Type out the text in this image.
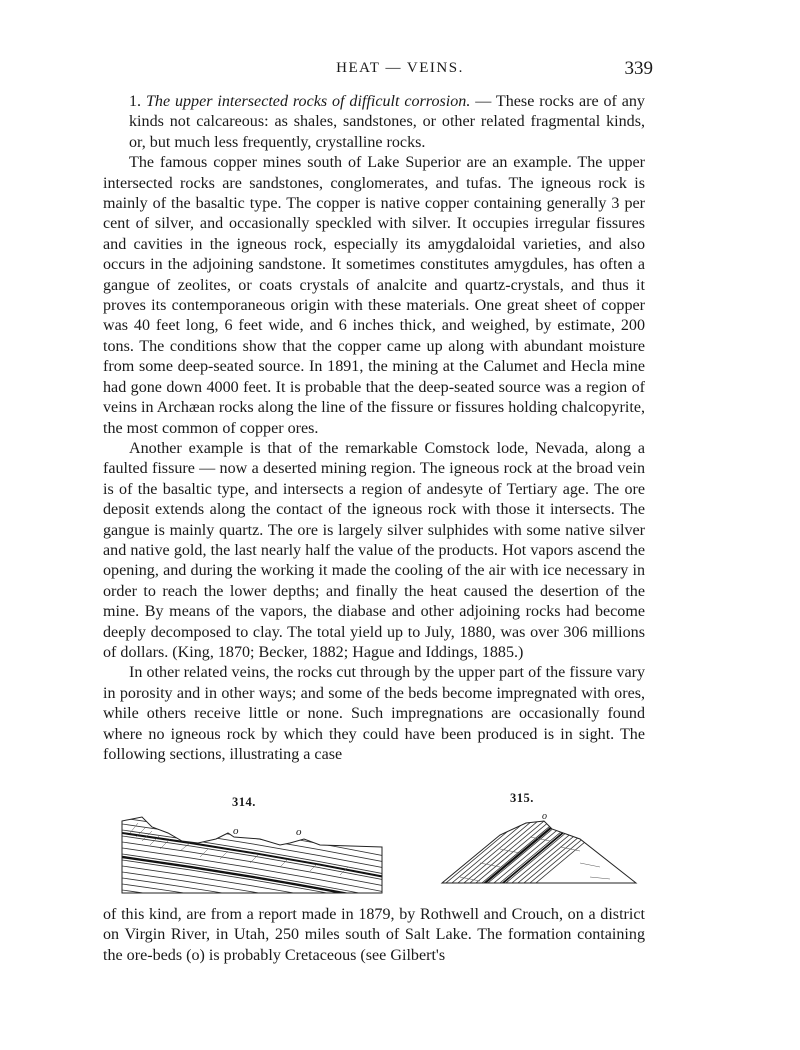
HEAT — VEINS.	339

1. The upper intersected rocks of difficult corrosion. — These rocks are of any kinds not calcareous: as shales, sandstones, or other related fragmental kinds, or, but much less frequently, crystalline rocks.

The famous copper mines south of Lake Superior are an example. The upper intersected rocks are sandstones, conglomerates, and tufas. The igneous rock is mainly of the basaltic type. The copper is native copper containing generally 3 per cent of silver, and occasionally speckled with silver. It occupies irregular fissures and cavities in the igneous rock, especially its amygdaloidal varieties, and also occurs in the adjoining sandstone. It sometimes constitutes amygdules, has often a gangue of zeolites, or coats crystals of analcite and quartz-crystals, and thus it proves its contemporaneous origin with these materials. One great sheet of copper was 40 feet long, 6 feet wide, and 6 inches thick, and weighed, by estimate, 200 tons. The conditions show that the copper came up along with abundant moisture from some deep-seated source. In 1891, the mining at the Calumet and Hecla mine had gone down 4000 feet. It is probable that the deep-seated source was a region of veins in Archæan rocks along the line of the fissure or fissures holding chalcopyrite, the most common of copper ores.

Another example is that of the remarkable Comstock lode, Nevada, along a faulted fissure — now a deserted mining region. The igneous rock at the broad vein is of the basaltic type, and intersects a region of andesyte of Tertiary age. The ore deposit extends along the contact of the igneous rock with those it intersects. The gangue is mainly quartz. The ore is largely silver sulphides with some native silver and native gold, the last nearly half the value of the products. Hot vapors ascend the opening, and during the working it made the cooling of the air with ice necessary in order to reach the lower depths; and finally the heat caused the desertion of the mine. By means of the vapors, the diabase and other adjoining rocks had become deeply decomposed to clay. The total yield up to July, 1880, was over 306 millions of dollars. (King, 1870; Becker, 1882; Hague and Iddings, 1885.)

In other related veins, the rocks cut through by the upper part of the fissure vary in porosity and in other ways; and some of the beds become impregnated with ores, while others receive little or none. Such impregnations are occasionally found where no igneous rock by which they could have been produced is in sight. The following sections, illustrating a case

314.	315.
o	o
o

of this kind, are from a report made in 1879, by Rothwell and Crouch, on a district on Virgin River, in Utah, 250 miles south of Salt Lake. The formation containing the ore-beds (o) is probably Cretaceous (see Gilbert's
